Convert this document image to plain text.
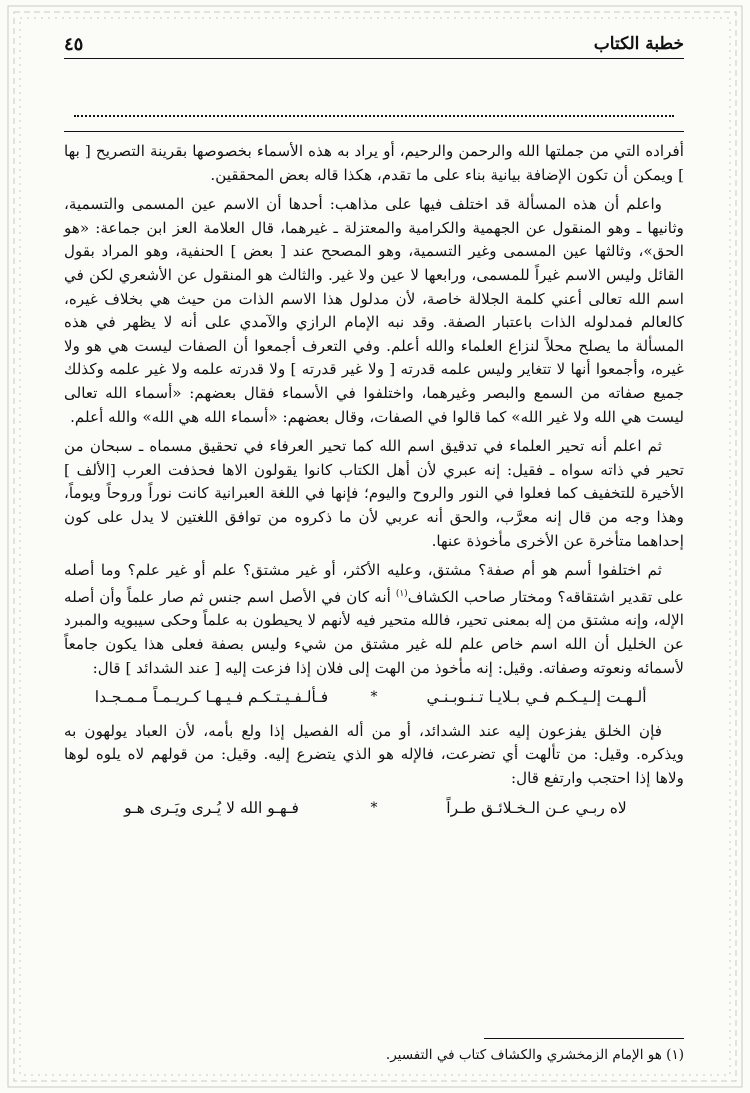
خطبة الكتاب
٤٥

أفراده التي من جملتها الله والرحمن والرحيم، أو يراد به هذه الأسماء بخصوصها بقرينة التصريح [ بها ] ويمكن أن تكون الإضافة بيانية بناء على ما تقدم، هكذا قاله بعض المحققين.

واعلم أن هذه المسألة قد اختلف فيها على مذاهب: أحدها أن الاسم عين المسمى والتسمية، وثانيها ـ وهو المنقول عن الجهمية والكرامية والمعتزلة ـ غيرهما، قال العلامة العز ابن جماعة: «هو الحق»، وثالثها عين المسمى وغير التسمية، وهو المصحح عند [ بعض ] الحنفية، وهو المراد بقول القائل وليس الاسم غيراً للمسمى، ورابعها لا عين ولا غير. والثالث هو المنقول عن الأشعري لكن في اسم الله تعالى أعني كلمة الجلالة خاصة، لأن مدلول هذا الاسم الذات من حيث هي بخلاف غيره، كالعالم فمدلوله الذات باعتبار الصفة. وقد نبه الإمام الرازي والآمدي على أنه لا يظهر في هذه المسألة ما يصلح محلاً لنزاع العلماء والله أعلم. وفي التعرف أجمعوا أن الصفات ليست هي هو ولا غيره، وأجمعوا أنها لا تتغاير وليس علمه قدرته [ ولا غير قدرته ] ولا قدرته علمه ولا غير علمه وكذلك جميع صفاته من السمع والبصر وغيرهما، واختلفوا في الأسماء فقال بعضهم: «أسماء الله تعالى ليست هي الله ولا غير الله» كما قالوا في الصفات، وقال بعضهم: «أسماء الله هي الله» والله أعلم.

ثم اعلم أنه تحير العلماء في تدقيق اسم الله كما تحير العرفاء في تحقيق مسماه ـ سبحان من تحير في ذاته سواه ـ فقيل: إنه عبري لأن أهل الكتاب كانوا يقولون الاها فحذفت العرب [الألف ] الأخيرة للتخفيف كما فعلوا في النور والروح واليوم؛ فإنها في اللغة العبرانية كانت نوراً وروحاً ويوماً، وهذا وجه من قال إنه معرَّب، والحق أنه عربي لأن ما ذكروه من توافق اللغتين لا يدل على كون إحداهما متأخرة عن الأخرى مأخوذة عنها.

ثم اختلفوا أسم هو أم صفة؟ مشتق، وعليه الأكثر، أو غير مشتق؟ علم أو غير علم؟ وما أصله على تقدير اشتقاقه؟ ومختار صاحب الكشاف$^{(١)}$ أنه كان في الأصل اسم جنس ثم صار علماً وأن أصله الإله، وإنه مشتق من إله بمعنى تحير، فالله متحير فيه لأنهم لا يحيطون به علماً وحكى سيبويه والمبرد عن الخليل أن الله اسم خاص علم لله غير مشتق من شيء وليس بصفة فعلى هذا يكون جامعاً لأسمائه ونعوته وصفاته. وقيل: إنه مأخوذ من الهت إلى فلان إذا فزعت إليه [ عند الشدائد ] قال:

ألـهـت إلـيـكـم فـي بـلايـا تـنـوبـنـي
*
فـألـفـيـتـكـم فـيـهـا كـريـمـاً مـمـجـدا

فإن الخلق يفزعون إليه عند الشدائد، أو من أله الفصيل إذا ولع بأمه، لأن العباد يولهون به ويذكره. وقيل: من تألهت أي تضرعت، فالإله هو الذي يتضرع إليه. وقيل: من قولهم لاه يلوه لوها ولاها إذا احتجب وارتفع قال:

لاه ربـي عـن الـخـلائـق طـراً
*
فـهـو الله لا يُـرى ويَـرى هـو
(١) هو الإمام الزمخشري والكشاف كتاب في التفسير.
